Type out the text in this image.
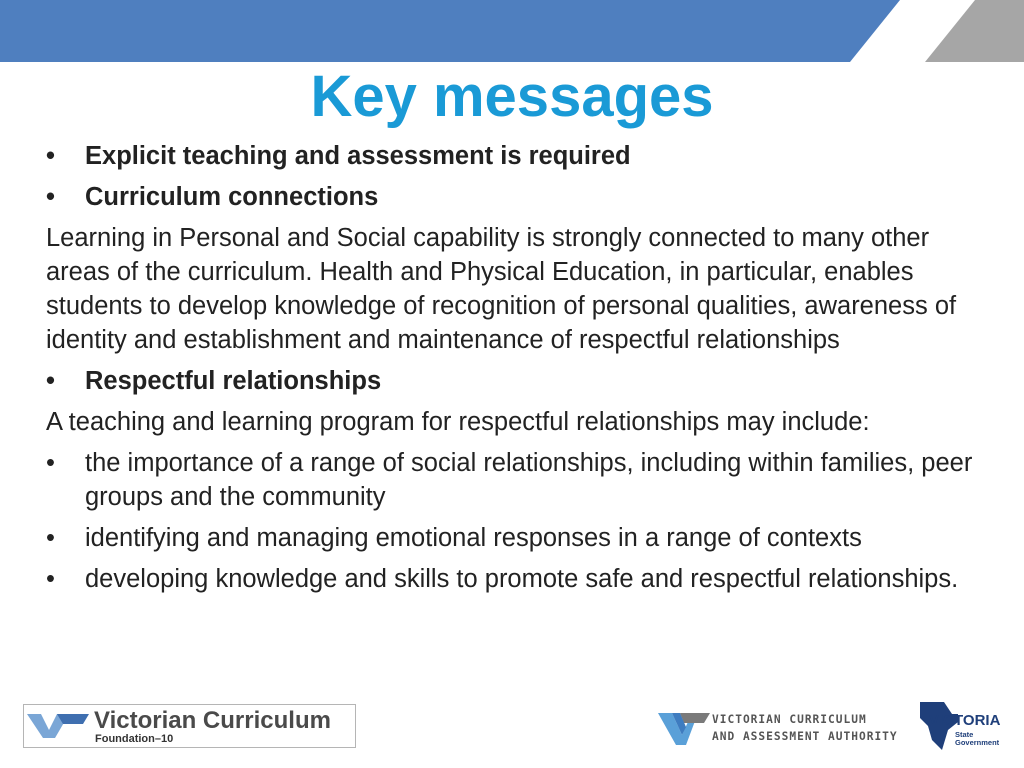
Key messages
•	Explicit teaching and assessment is required
•	Curriculum connections
Learning in Personal and Social capability is strongly connected to many other areas of the curriculum. Health and Physical Education, in particular, enables students to develop knowledge of recognition of personal qualities, awareness of identity and establishment and maintenance of respectful relationships
•	Respectful relationships
A teaching and learning program for respectful relationships may include:
•	the importance of a range of social relationships, including within families, peer groups and the community
•	identifying and managing emotional responses in a range of contexts
•	developing knowledge and skills to promote safe and respectful relationships.
Victorian Curriculum
Foundation–10
VICTORIAN CURRICULUM
AND ASSESSMENT AUTHORITY
VICTORIA
State
Government
